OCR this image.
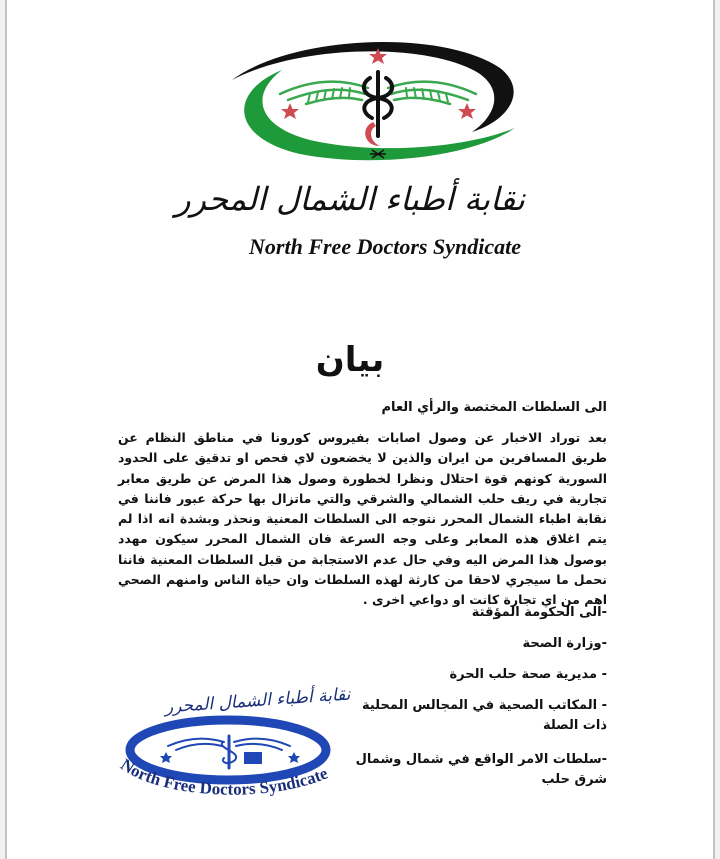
نقابة أطباء الشمال المحرر
North Free Doctors Syndicate
بيان
الى السلطات المختصة والرأي العام

بعد توراد الاخبار عن وصول اصابات بفيروس كورونا في مناطق النظام عن طريق المسافرين من ايران والذين لا يخضعون لاي فحص او تدقيق على الحدود السورية كونهم قوة احتلال ونظرا لخطورة وصول هذا المرض عن طريق معابر تجارية في ريف حلب الشمالي والشرقي والتي ماتزال بها حركة عبور فاننا في نقابة اطباء الشمال المحرر نتوجه الى السلطات المعنية ونحذر وبشدة انه اذا لم يتم اغلاق هذه المعابر وعلى وجه السرعة فان الشمال المحرر سيكون مهدد بوصول هذا المرض اليه وفي حال عدم الاستجابة من قبل السلطات المعنية فاننا نحمل ما سيجري لاحقا من كارثة لهذه السلطات وان حياة الناس وامنهم الصحي اهم من اي تجارة كانت او دواعي اخرى .

-الى الحكومة المؤقتة

-وزارة الصحة

- مديرية صحة حلب الحرة

- المكاتب الصحية في المجالس المحلية ذات الصلة

-سلطات الامر الواقع في شمال وشمال شرق حلب

نقابة أطباء الشمال المحرر
North Free Doctors Syndicate
